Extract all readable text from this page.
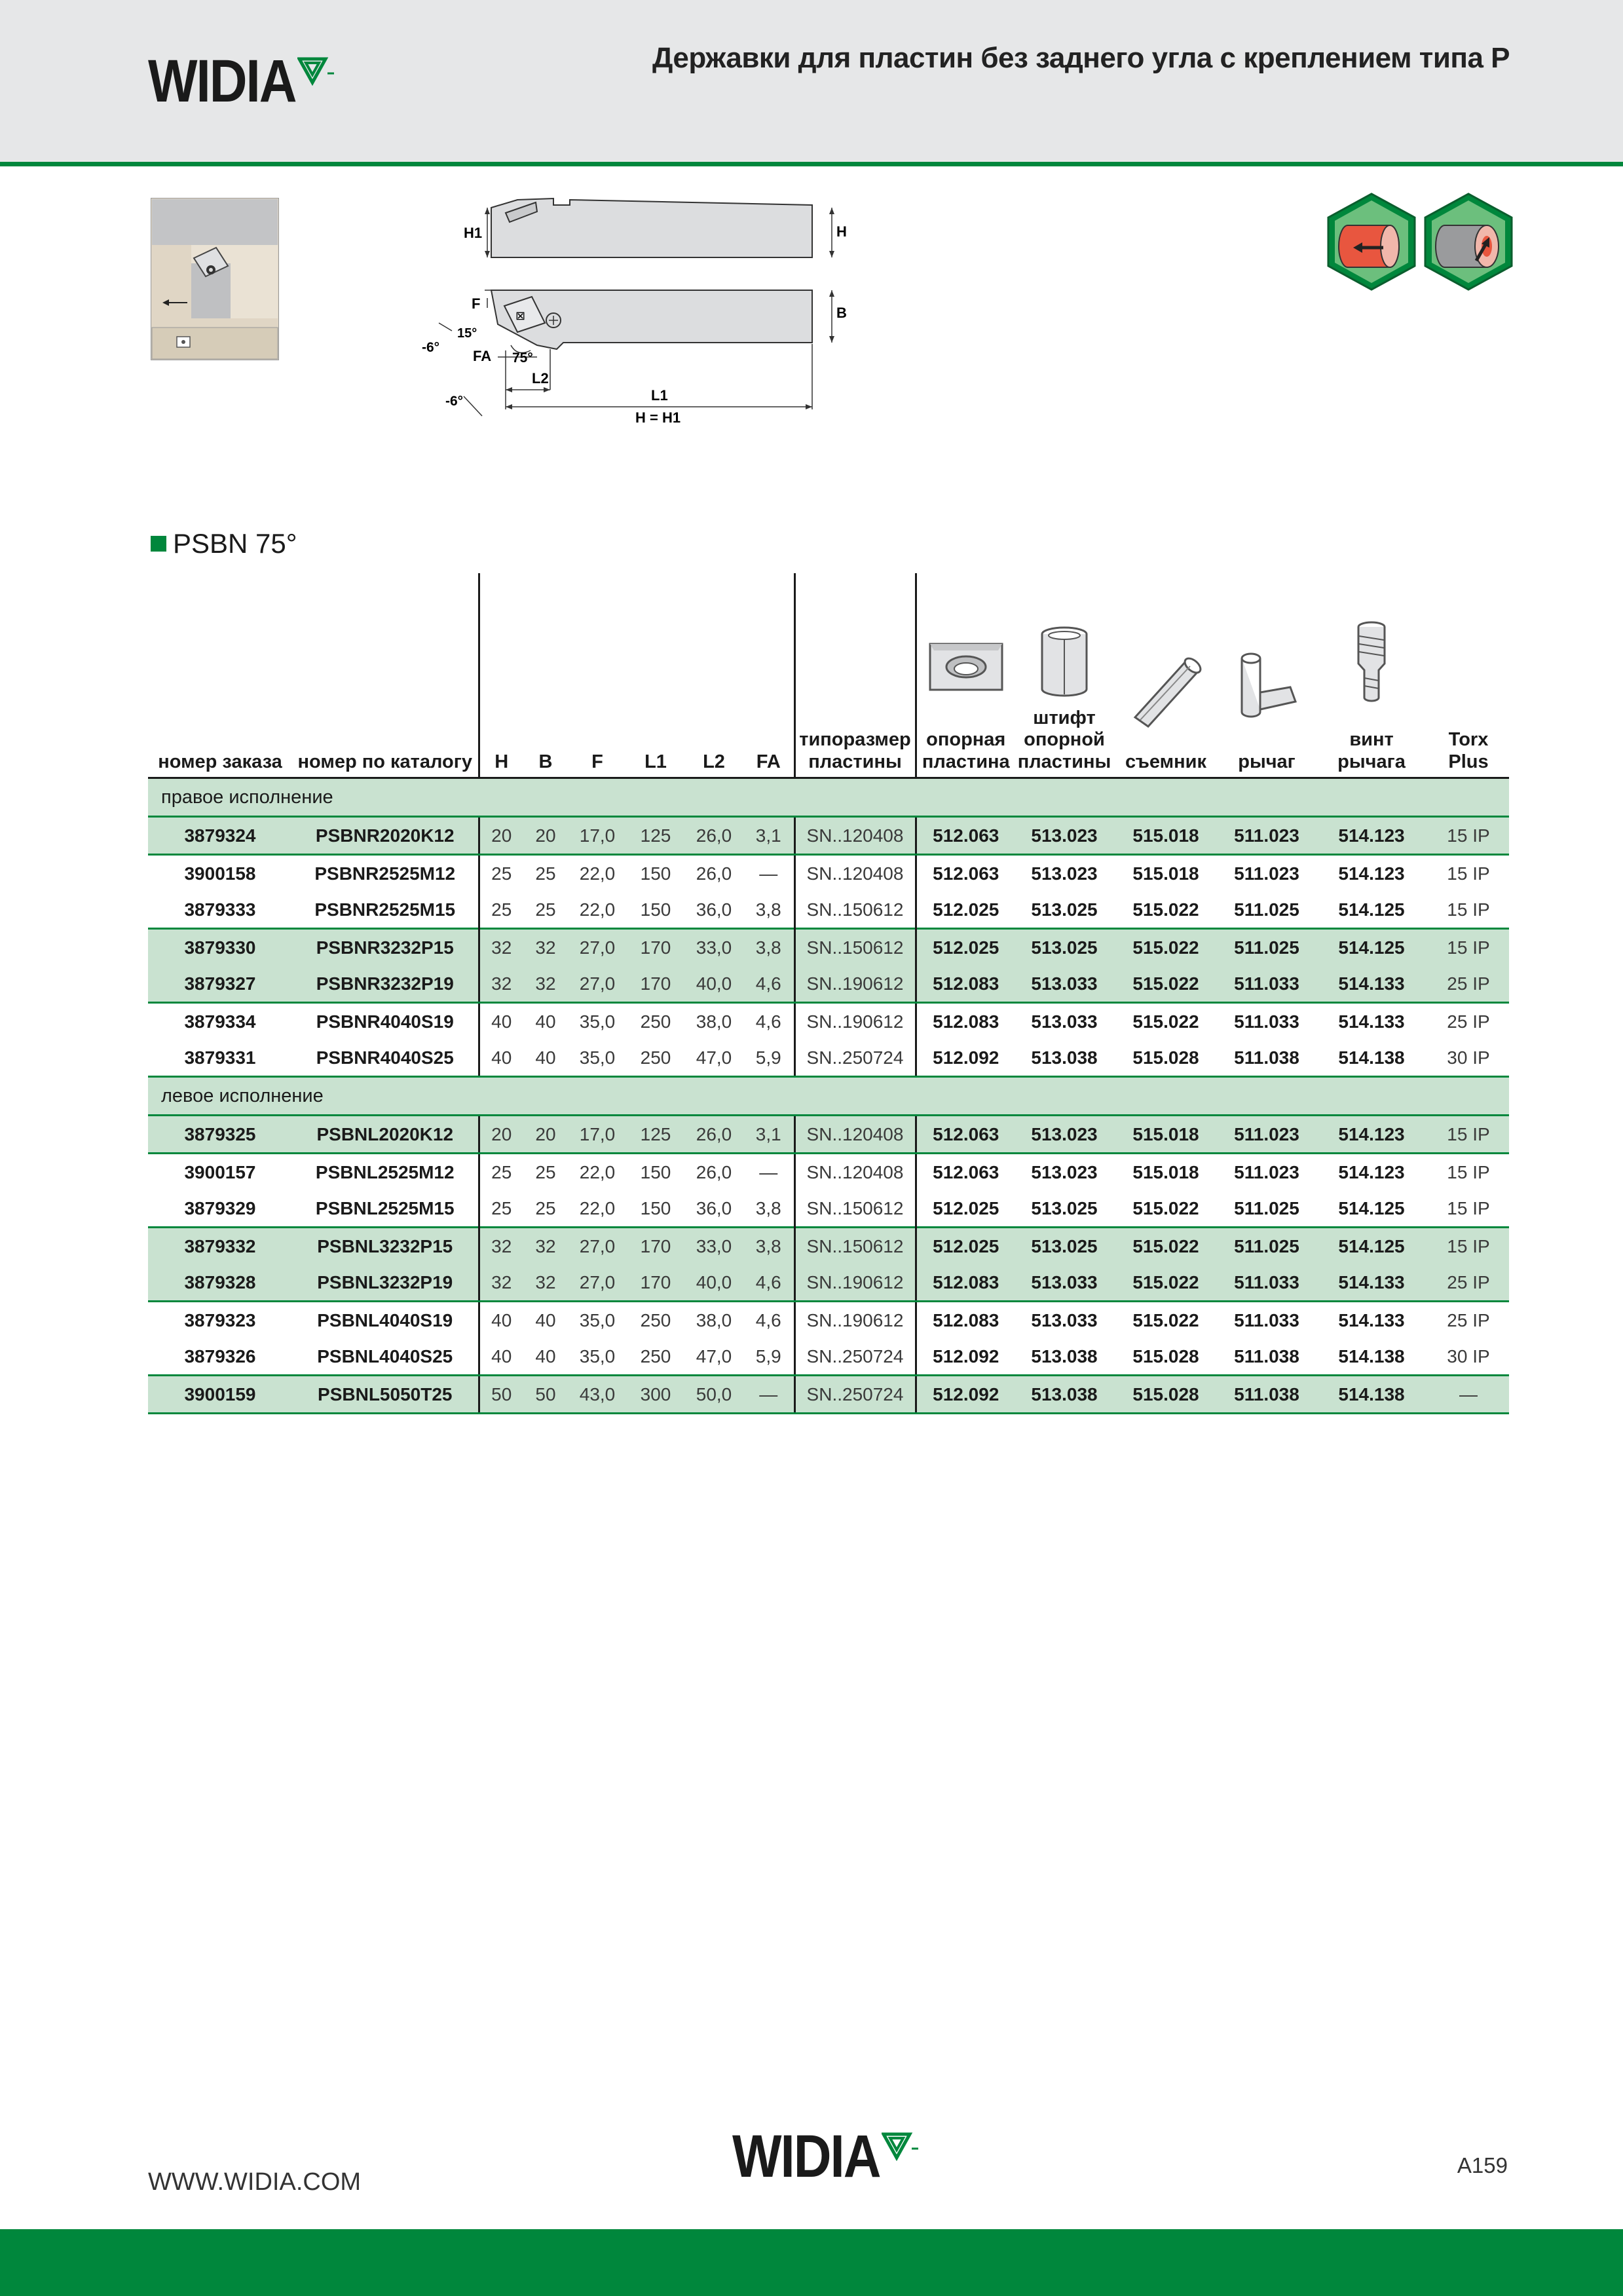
WIDIA	Державки для пластин без заднего угла с креплением типа P
H1	H
⊠	B
F
15°
-6°
FA 75°
L2
L1
H = H1
-6°
PSBN 75°
номер заказа	номер по каталогу	H	B	F	L1	L2	FA	типоразмер пластины	опорная пластина	штифт опорной пластины	съемник	рычаг	винт рычага	Torx Plus
правое исполнение														
3879324	PSBNR2020K12	20	20	17,0	125	26,0	3,1	SN..120408	512.063	513.023	515.018	511.023	514.123	15 IP
3900158	PSBNR2525M12	25	25	22,0	150	26,0	—	SN..120408	512.063	513.023	515.018	511.023	514.123	15 IP
3879333	PSBNR2525M15	25	25	22,0	150	36,0	3,8	SN..150612	512.025	513.025	515.022	511.025	514.125	15 IP
3879330	PSBNR3232P15	32	32	27,0	170	33,0	3,8	SN..150612	512.025	513.025	515.022	511.025	514.125	15 IP
3879327	PSBNR3232P19	32	32	27,0	170	40,0	4,6	SN..190612	512.083	513.033	515.022	511.033	514.133	25 IP
3879334	PSBNR4040S19	40	40	35,0	250	38,0	4,6	SN..190612	512.083	513.033	515.022	511.033	514.133	25 IP
3879331	PSBNR4040S25	40	40	35,0	250	47,0	5,9	SN..250724	512.092	513.038	515.028	511.038	514.138	30 IP
левое исполнение														
3879325	PSBNL2020K12	20	20	17,0	125	26,0	3,1	SN..120408	512.063	513.023	515.018	511.023	514.123	15 IP
3900157	PSBNL2525M12	25	25	22,0	150	26,0	—	SN..120408	512.063	513.023	515.018	511.023	514.123	15 IP
3879329	PSBNL2525M15	25	25	22,0	150	36,0	3,8	SN..150612	512.025	513.025	515.022	511.025	514.125	15 IP
3879332	PSBNL3232P15	32	32	27,0	170	33,0	3,8	SN..150612	512.025	513.025	515.022	511.025	514.125	15 IP
3879328	PSBNL3232P19	32	32	27,0	170	40,0	4,6	SN..190612	512.083	513.033	515.022	511.033	514.133	25 IP
3879323	PSBNL4040S19	40	40	35,0	250	38,0	4,6	SN..190612	512.083	513.033	515.022	511.033	514.133	25 IP
3879326	PSBNL4040S25	40	40	35,0	250	47,0	5,9	SN..250724	512.092	513.038	515.028	511.038	514.138	30 IP
3900159	PSBNL5050T25	50	50	43,0	300	50,0	—	SN..250724	512.092	513.038	515.028	511.038	514.138	—
WWW.WIDIA.COM	WIDIA	A159
